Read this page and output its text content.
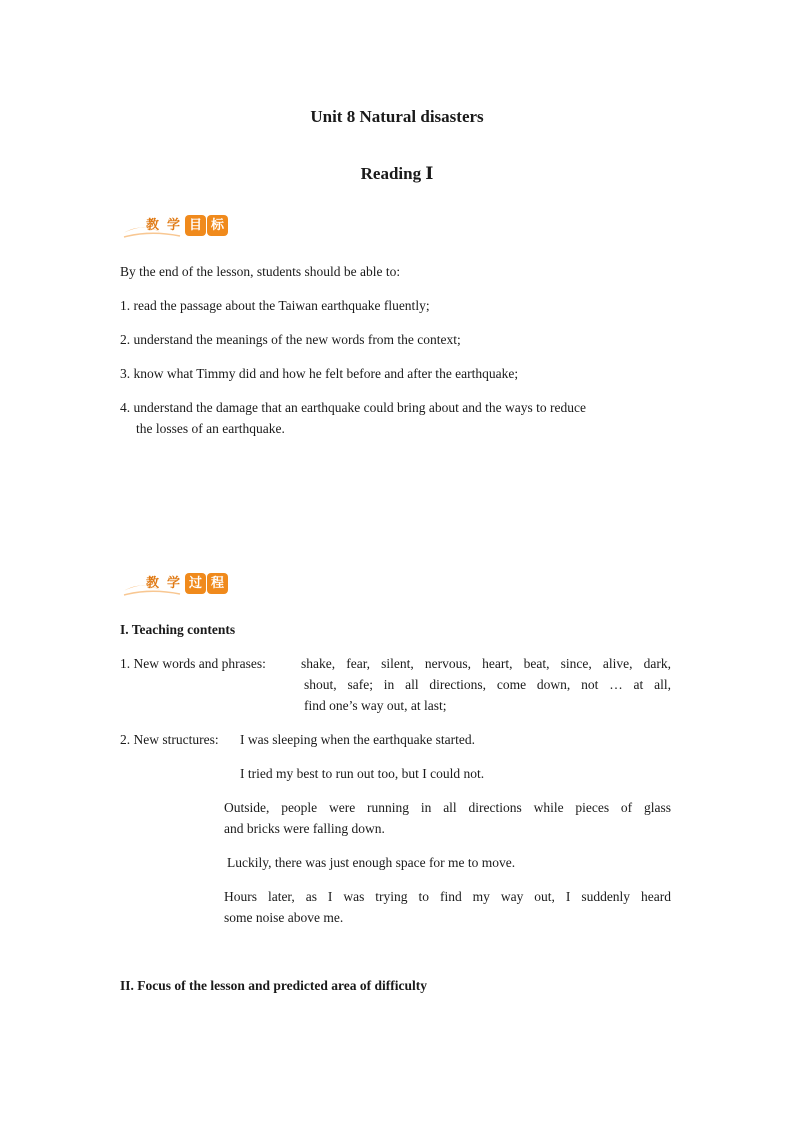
Unit 8 Natural disasters
Reading Ⅰ
教 学 目 标
By the end of the lesson, students should be able to:
1. read the passage about the Taiwan earthquake fluently;
2. understand the meanings of the new words from the context;
3. know what Timmy did and how he felt before and after the earthquake;
4. understand the damage that an earthquake could bring about and the ways to reduce
the losses of an earthquake.
教 学 过 程
I. Teaching contents
1. New words and phrases:	shake, fear, silent, nervous, heart, beat, since, alive, dark,
shout, safe; in all directions, come down, not … at all,
find one’s way out, at last;
2. New structures: I was sleeping when the earthquake started.
I tried my best to run out too, but I could not.
Outside, people were running in all directions while pieces of glass
and bricks were falling down.
Luckily, there was just enough space for me to move.
Hours later, as I was trying to find my way out, I suddenly heard
some noise above me.
II. Focus of the lesson and predicted area of difficulty
